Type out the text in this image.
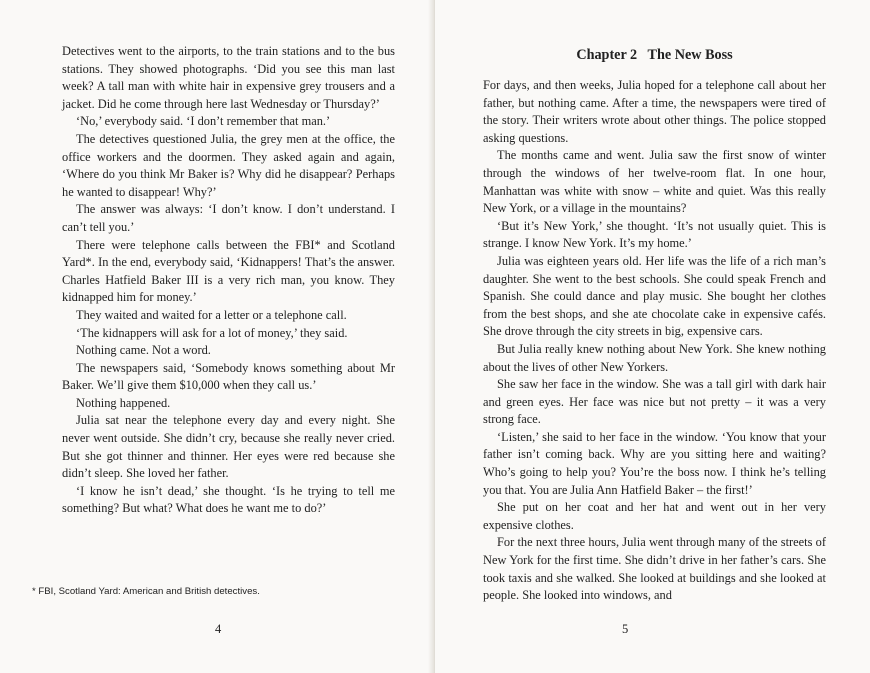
Detectives went to the airports, to the train stations and to the bus stations. They showed photographs. ‘Did you see this man last week? A tall man with white hair in expensive grey trousers and a jacket. Did he come through here last Wednesday or Thursday?’

‘No,’ everybody said. ‘I don’t remember that man.’

The detectives questioned Julia, the grey men at the office, the office workers and the doormen. They asked again and again, ‘Where do you think Mr Baker is? Why did he disappear? Perhaps he wanted to disappear! Why?’

The answer was always: ‘I don’t know. I don’t understand. I can’t tell you.’

There were telephone calls between the FBI* and Scotland Yard*. In the end, everybody said, ‘Kidnappers! That’s the answer. Charles Hatfield Baker III is a very rich man, you know. They kidnapped him for money.’

They waited and waited for a letter or a telephone call.

‘The kidnappers will ask for a lot of money,’ they said.

Nothing came. Not a word.

The newspapers said, ‘Somebody knows something about Mr Baker. We’ll give them $10,000 when they call us.’

Nothing happened.

Julia sat near the telephone every day and every night. She never went outside. She didn’t cry, because she really never cried. But she got thinner and thinner. Her eyes were red because she didn’t sleep. She loved her father.

‘I know he isn’t dead,’ she thought. ‘Is he trying to tell me something? But what? What does he want me to do?’

* FBI, Scotland Yard: American and British detectives.
4
Chapter 2   The New Boss

For days, and then weeks, Julia hoped for a telephone call about her father, but nothing came. After a time, the newspapers were tired of the story. Their writers wrote about other things. The police stopped asking questions.

The months came and went. Julia saw the first snow of winter through the windows of her twelve-room flat. In one hour, Manhattan was white with snow – white and quiet. Was this really New York, or a village in the mountains?

‘But it’s New York,’ she thought. ‘It’s not usually quiet. This is strange. I know New York. It’s my home.’

Julia was eighteen years old. Her life was the life of a rich man’s daughter. She went to the best schools. She could speak French and Spanish. She could dance and play music. She bought her clothes from the best shops, and she ate chocolate cake in expensive cafés. She drove through the city streets in big, expensive cars.

But Julia really knew nothing about New York. She knew nothing about the lives of other New Yorkers.

She saw her face in the window. She was a tall girl with dark hair and green eyes. Her face was nice but not pretty – it was a very strong face.

‘Listen,’ she said to her face in the window. ‘You know that your father isn’t coming back. Why are you sitting here and waiting? Who’s going to help you? You’re the boss now. I think he’s telling you that. You are Julia Ann Hatfield Baker – the first!’

She put on her coat and her hat and went out in her very expensive clothes.

For the next three hours, Julia went through many of the streets of New York for the first time. She didn’t drive in her father’s cars. She took taxis and she walked. She looked at buildings and she looked at people. She looked into windows, and

5
